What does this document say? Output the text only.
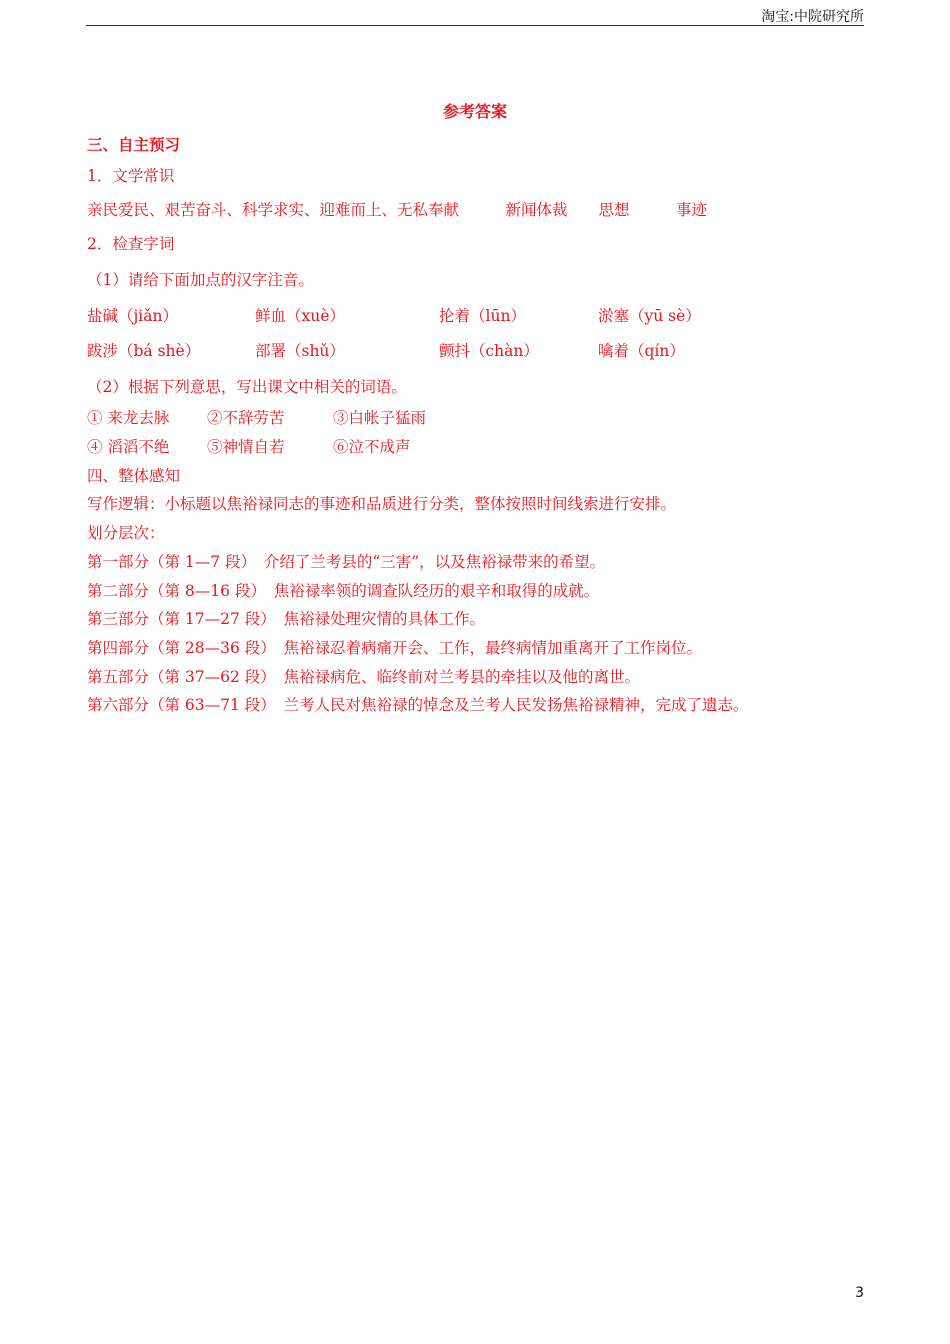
淘宝:中院研究所
参考答案
三、自主预习
1．文学常识
亲民爱民、艰苦奋斗、科学求实、迎难而上、无私奉献　　　新闻体裁　　思想　　　事迹
2．检查字词
（1）请给下面加点的汉字注音。
盐碱（jiǎn）	鲜血（xuè）	抡着（lūn）	淤塞（yū sè）
跋涉（bá shè）	部署（shǔ）	颤抖（chàn）	噙着（qín）
（2）根据下列意思，写出课文中相关的词语。
① 来龙去脉 ②不辞劳苦	③白帐子猛雨
④ 滔滔不绝 ⑤神情自若	⑥泣不成声
四、整体感知
写作逻辑：小标题以焦裕禄同志的事迹和品质进行分类，整体按照时间线索进行安排。
划分层次：
第一部分（第 1—7 段）　介绍了兰考县的“三害”，以及焦裕禄带来的希望。
第二部分（第 8—16 段）　焦裕禄率领的调查队经历的艰辛和取得的成就。
第三部分（第 17—27 段）　焦裕禄处理灾情的具体工作。
第四部分（第 28—36 段）　焦裕禄忍着病痛开会、工作，最终病情加重离开了工作岗位。
第五部分（第 37—62 段）　焦裕禄病危、临终前对兰考县的牵挂以及他的离世。
第六部分（第 63—71 段）　兰考人民对焦裕禄的悼念及兰考人民发扬焦裕禄精神，完成了遗志。
3
